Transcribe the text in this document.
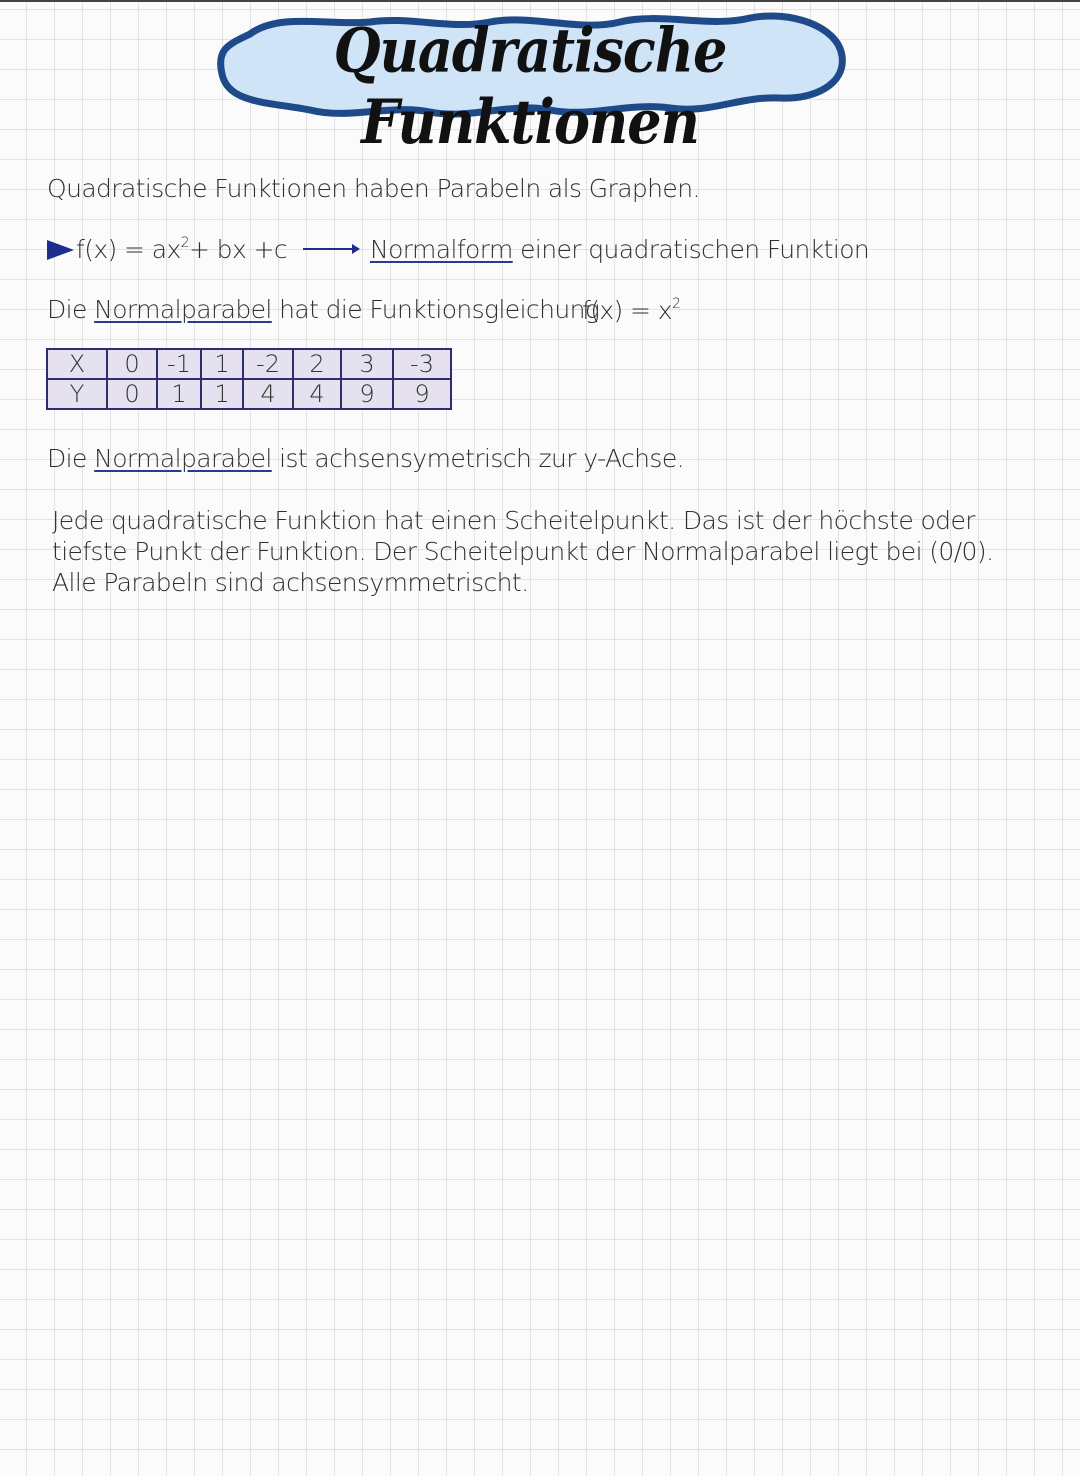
Quadratische Funktionen
Quadratische Funktionen haben Parabeln als Graphen.
$f(x) = ax^2+$ bx +c	Normalform einer quadratischen Funktion
Die Normalparabel hat die Funktionsgleichung
$f(x) = x^2$
X	0	-1	1	-2	2	3	-3
Y	0	1	1	4	4	9	9
Die Normalparabel ist achsensymetrisch zur y-Achse.
Jede quadratische Funktion hat einen Scheitelpunkt. Das ist der höchste oder tiefste Punkt der Funktion. Der Scheitelpunkt der Normalparabel liegt bei (0/0). Alle Parabeln sind achsensymmetrischt.
